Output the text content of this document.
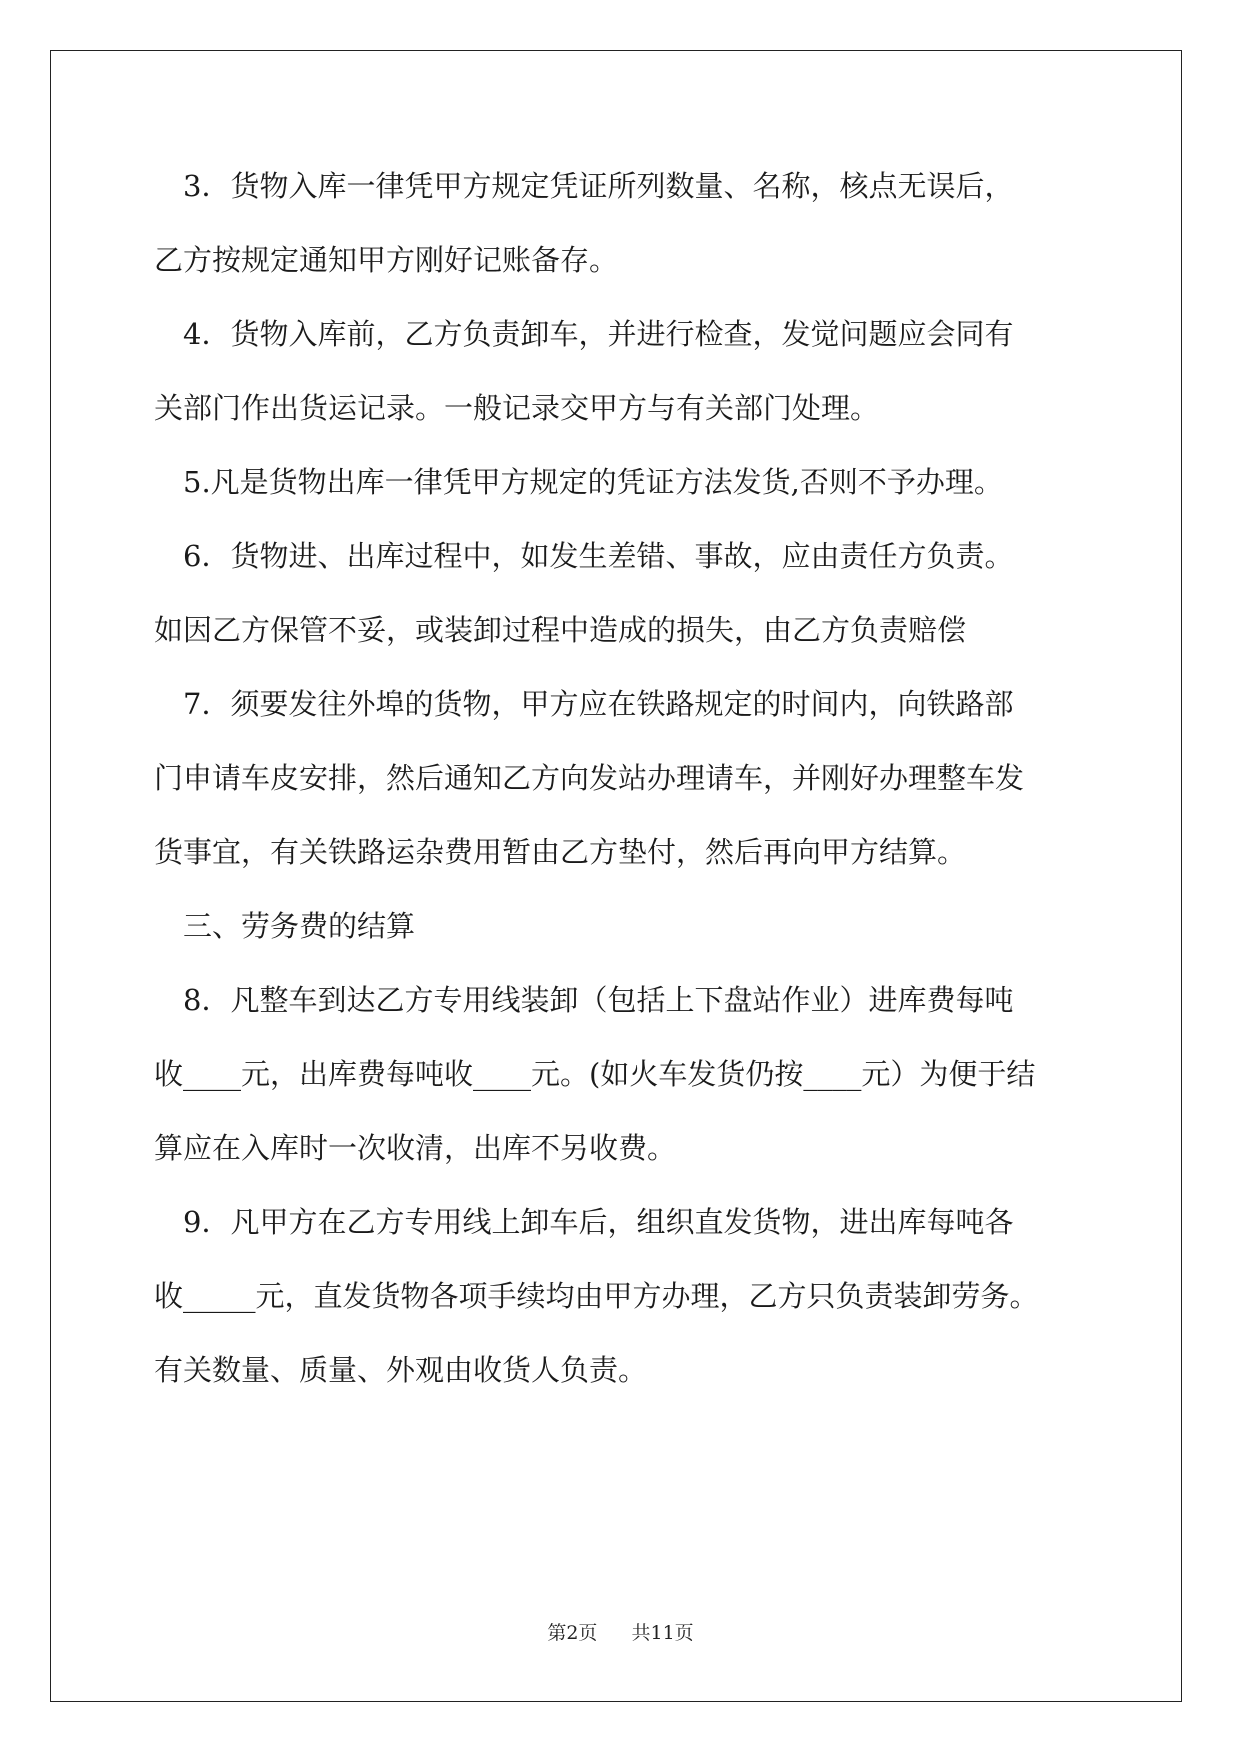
　3．货物入库一律凭甲方规定凭证所列数量、名称，核点无误后，
乙方按规定通知甲方刚好记账备存。
　4．货物入库前，乙方负责卸车，并进行检查，发觉问题应会同有
关部门作出货运记录。一般记录交甲方与有关部门处理。
　5.凡是货物出库一律凭甲方规定的凭证方法发货,否则不予办理。
　6．货物进、出库过程中，如发生差错、事故，应由责任方负责。
如因乙方保管不妥，或装卸过程中造成的损失，由乙方负责赔偿
　7．须要发往外埠的货物，甲方应在铁路规定的时间内，向铁路部
门申请车皮安排，然后通知乙方向发站办理请车，并刚好办理整车发
货事宜，有关铁路运杂费用暂由乙方垫付，然后再向甲方结算。
　三、劳务费的结算
　8．凡整车到达乙方专用线装卸（包括上下盘站作业）进库费每吨
收____元，出库费每吨收____元。(如火车发货仍按____元）为便于结
算应在入库时一次收清，出库不另收费。
　9．凡甲方在乙方专用线上卸车后，组织直发货物，进出库每吨各
收_____元，直发货物各项手续均由甲方办理，乙方只负责装卸劳务。
有关数量、质量、外观由收货人负责。
第2页 共11页
